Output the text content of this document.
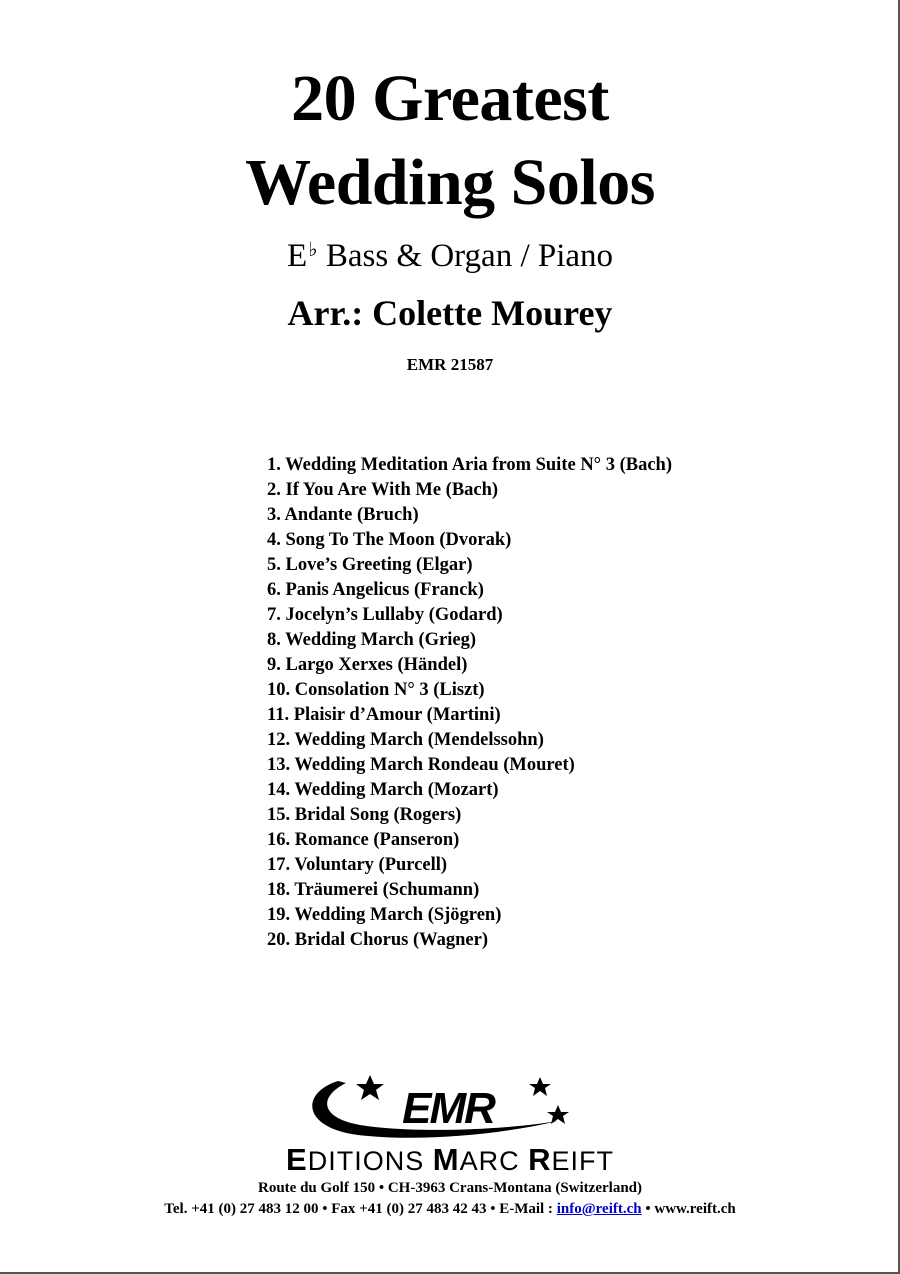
20 Greatest
Wedding Solos
E♭ Bass & Organ / Piano
Arr.: Colette Mourey
EMR 21587
1. Wedding Meditation Aria from Suite N° 3 (Bach)
2. If You Are With Me (Bach)
3. Andante (Bruch)
4. Song To The Moon (Dvorak)
5. Love’s Greeting (Elgar)
6. Panis Angelicus (Franck)
7. Jocelyn’s Lullaby (Godard)
8. Wedding March (Grieg)
9. Largo Xerxes (Händel)
10. Consolation N° 3 (Liszt)
11. Plaisir d’Amour (Martini)
12. Wedding March (Mendelssohn)
13. Wedding March Rondeau (Mouret)
14. Wedding March (Mozart)
15. Bridal Song (Rogers)
16. Romance (Panseron)
17. Voluntary (Purcell)
18. Träumerei (Schumann)
19. Wedding March (Sjögren)
20. Bridal Chorus (Wagner)
EMR
EDITIONS MARC REIFT
Route du Golf 150 • CH-3963 Crans-Montana (Switzerland)
Tel. +41 (0) 27 483 12 00 • Fax +41 (0) 27 483 42 43 • E-Mail : info@reift.ch • www.reift.ch
